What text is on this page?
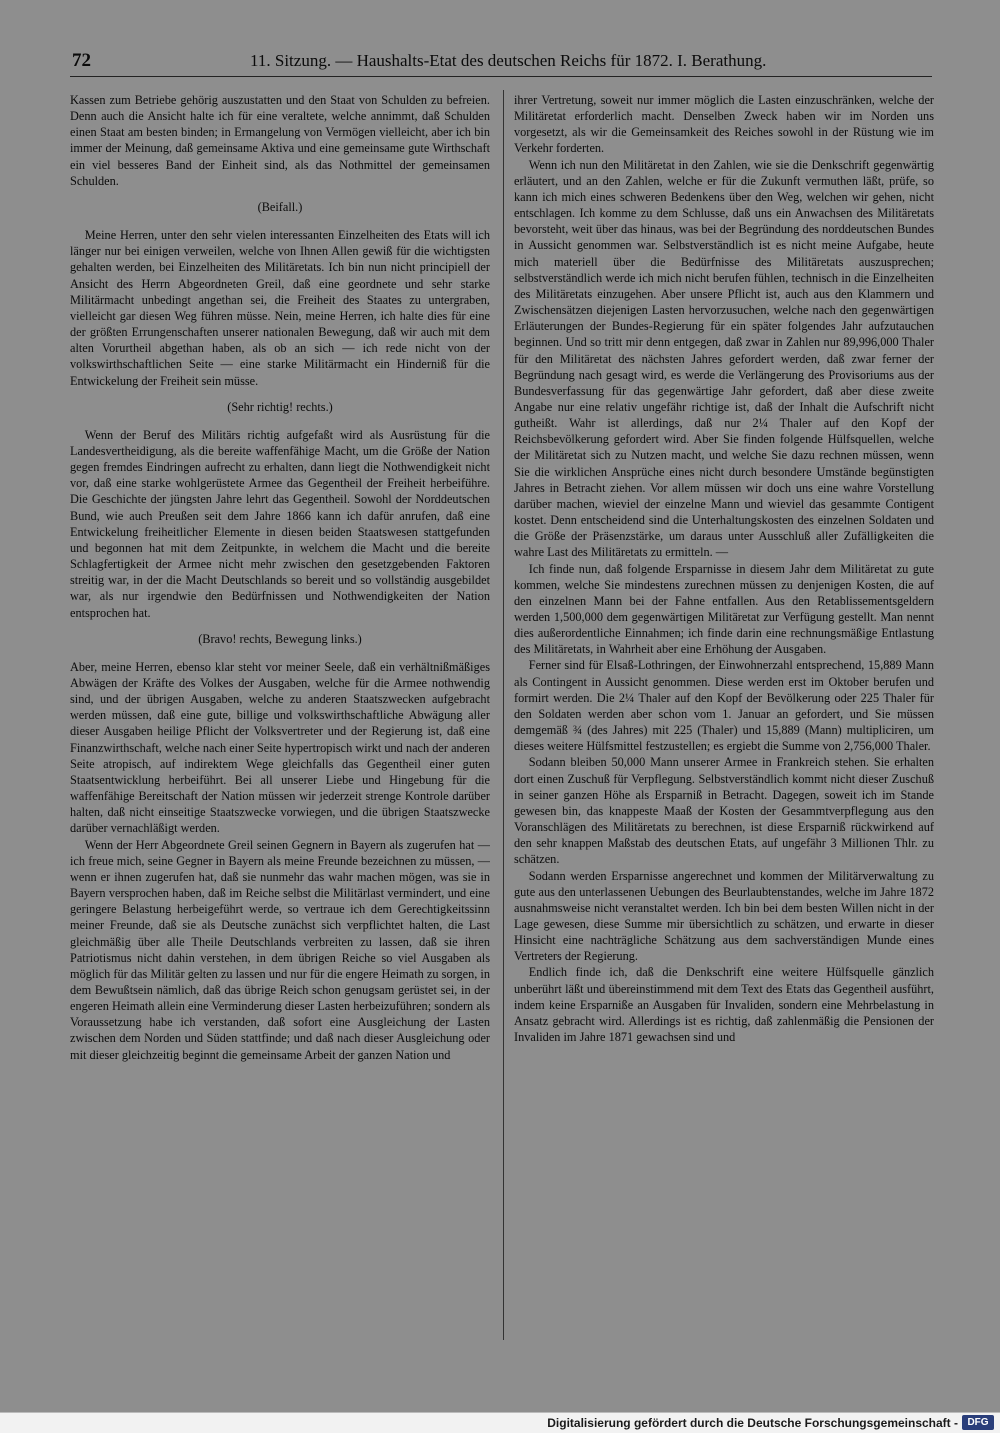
72	11. Sitzung. — Haushalts-Etat des deutschen Reichs für 1872. I. Berathung.

Kassen zum Betriebe gehörig auszustatten und den Staat von Schulden zu befreien. Denn auch die Ansicht halte ich für eine veraltete, welche annimmt, daß Schulden einen Staat am besten binden; in Ermangelung von Vermögen vielleicht, aber ich bin immer der Meinung, daß gemeinsame Aktiva und eine gemeinsame gute Wirthschaft ein viel besseres Band der Einheit sind, als das Nothmittel der gemeinsamen Schulden.

(Beifall.)

Meine Herren, unter den sehr vielen interessanten Einzelheiten des Etats will ich länger nur bei einigen verweilen, welche von Ihnen Allen gewiß für die wichtigsten gehalten werden, bei Einzelheiten des Militäretats. Ich bin nun nicht principiell der Ansicht des Herrn Abgeordneten Greil, daß eine geordnete und sehr starke Militärmacht unbedingt angethan sei, die Freiheit des Staates zu untergraben, vielleicht gar diesen Weg führen müsse. Nein, meine Herren, ich halte dies für eine der größten Errungenschaften unserer nationalen Bewegung, daß wir auch mit dem alten Vorurtheil abgethan haben, als ob an sich — ich rede nicht von der volkswirthschaftlichen Seite — eine starke Militärmacht ein Hinderniß für die Entwickelung der Freiheit sein müsse.

(Sehr richtig! rechts.)

Wenn der Beruf des Militärs richtig aufgefaßt wird als Ausrüstung für die Landesvertheidigung, als die bereite waffenfähige Macht, um die Größe der Nation gegen fremdes Eindringen aufrecht zu erhalten, dann liegt die Nothwendigkeit nicht vor, daß eine starke wohlgerüstete Armee das Gegentheil der Freiheit herbeiführe. Die Geschichte der jüngsten Jahre lehrt das Gegentheil. Sowohl der Norddeutschen Bund, wie auch Preußen seit dem Jahre 1866 kann ich dafür anrufen, daß eine Entwickelung freiheitlicher Elemente in diesen beiden Staatswesen stattgefunden und begonnen hat mit dem Zeitpunkte, in welchem die Macht und die bereite Schlagfertigkeit der Armee nicht mehr zwischen den gesetzgebenden Faktoren streitig war, in der die Macht Deutschlands so bereit und so vollständig ausgebildet war, als nur irgendwie den Bedürfnissen und Nothwendigkeiten der Nation entsprochen hat.

(Bravo! rechts, Bewegung links.)

Aber, meine Herren, ebenso klar steht vor meiner Seele, daß ein verhältnißmäßiges Abwägen der Kräfte des Volkes der Ausgaben, welche für die Armee nothwendig sind, und der übrigen Ausgaben, welche zu anderen Staatszwecken aufgebracht werden müssen, daß eine gute, billige und volkswirthschaftliche Abwägung aller dieser Ausgaben heilige Pflicht der Volksvertreter und der Regierung ist, daß eine Finanzwirthschaft, welche nach einer Seite hypertropisch wirkt und nach der anderen Seite atropisch, auf indirektem Wege gleichfalls das Gegentheil einer guten Staatsentwicklung herbeiführt. Bei all unserer Liebe und Hingebung für die waffenfähige Bereitschaft der Nation müssen wir jederzeit strenge Kontrole darüber halten, daß nicht einseitige Staatszwecke vorwiegen, und die übrigen Staatszwecke darüber vernachläßigt werden.

Wenn der Herr Abgeordnete Greil seinen Gegnern in Bayern als zugerufen hat — ich freue mich, seine Gegner in Bayern als meine Freunde bezeichnen zu müssen, — wenn er ihnen zugerufen hat, daß sie nunmehr das wahr machen mögen, was sie in Bayern versprochen haben, daß im Reiche selbst die Militärlast vermindert, und eine geringere Belastung herbeigeführt werde, so vertraue ich dem Gerechtigkeitssinn meiner Freunde, daß sie als Deutsche zunächst sich verpflichtet halten, die Last gleichmäßig über alle Theile Deutschlands verbreiten zu lassen, daß sie ihren Patriotismus nicht dahin verstehen, in dem übrigen Reiche so viel Ausgaben als möglich für das Militär gelten zu lassen und nur für die engere Heimath zu sorgen, in dem Bewußtsein nämlich, daß das übrige Reich schon genugsam gerüstet sei, in der engeren Heimath allein eine Verminderung dieser Lasten herbeizuführen; sondern als Voraussetzung habe ich verstanden, daß sofort eine Ausgleichung der Lasten zwischen dem Norden und Süden stattfinde; und daß nach dieser Ausgleichung oder mit dieser gleichzeitig beginnt die gemeinsame Arbeit der ganzen Nation und

ihrer Vertretung, soweit nur immer möglich die Lasten einzuschränken, welche der Militäretat erforderlich macht. Denselben Zweck haben wir im Norden uns vorgesetzt, als wir die Gemeinsamkeit des Reiches sowohl in der Rüstung wie im Verkehr forderten.

Wenn ich nun den Militäretat in den Zahlen, wie sie die Denkschrift gegenwärtig erläutert, und an den Zahlen, welche er für die Zukunft vermuthen läßt, prüfe, so kann ich mich eines schweren Bedenkens über den Weg, welchen wir gehen, nicht entschlagen. Ich komme zu dem Schlusse, daß uns ein Anwachsen des Militäretats bevorsteht, weit über das hinaus, was bei der Begründung des norddeutschen Bundes in Aussicht genommen war. Selbstverständlich ist es nicht meine Aufgabe, heute mich materiell über die Bedürfnisse des Militäretats auszusprechen; selbstverständlich werde ich mich nicht berufen fühlen, technisch in die Einzelheiten des Militäretats einzugehen. Aber unsere Pflicht ist, auch aus den Klammern und Zwischensätzen diejenigen Lasten hervorzusuchen, welche nach den gegenwärtigen Erläuterungen der Bundes-Regierung für ein später folgendes Jahr aufzutauchen beginnen. Und so tritt mir denn entgegen, daß zwar in Zahlen nur 89,996,000 Thaler für den Militäretat des nächsten Jahres gefordert werden, daß zwar ferner der Begründung nach gesagt wird, es werde die Verlängerung des Provisoriums aus der Bundesverfassung für das gegenwärtige Jahr gefordert, daß aber diese zweite Angabe nur eine relativ ungefähr richtige ist, daß der Inhalt die Aufschrift nicht gutheißt. Wahr ist allerdings, daß nur 2¼ Thaler auf den Kopf der Reichsbevölkerung gefordert wird. Aber Sie finden folgende Hülfsquellen, welche der Militäretat sich zu Nutzen macht, und welche Sie dazu rechnen müssen, wenn Sie die wirklichen Ansprüche eines nicht durch besondere Umstände begünstigten Jahres in Betracht ziehen. Vor allem müssen wir doch uns eine wahre Vorstellung darüber machen, wieviel der einzelne Mann und wieviel das gesammte Contigent kostet. Denn entscheidend sind die Unterhaltungskosten des einzelnen Soldaten und die Größe der Präsenzstärke, um daraus unter Ausschluß aller Zufälligkeiten die wahre Last des Militäretats zu ermitteln. —

Ich finde nun, daß folgende Ersparnisse in diesem Jahr dem Militäretat zu gute kommen, welche Sie mindestens zurechnen müssen zu denjenigen Kosten, die auf den einzelnen Mann bei der Fahne entfallen. Aus den Retablissementsgeldern werden 1,500,000 dem gegenwärtigen Militäretat zur Verfügung gestellt. Man nennt dies außerordentliche Einnahmen; ich finde darin eine rechnungsmäßige Entlastung des Militäretats, in Wahrheit aber eine Erhöhung der Ausgaben.

Ferner sind für Elsaß-Lothringen, der Einwohnerzahl entsprechend, 15,889 Mann als Contingent in Aussicht genommen. Diese werden erst im Oktober berufen und formirt werden. Die 2¼ Thaler auf den Kopf der Bevölkerung oder 225 Thaler für den Soldaten werden aber schon vom 1. Januar an gefordert, und Sie müssen demgemäß ¾ (des Jahres) mit 225 (Thaler) und 15,889 (Mann) multipliciren, um dieses weitere Hülfsmittel festzustellen; es ergiebt die Summe von 2,756,000 Thaler.

Sodann bleiben 50,000 Mann unserer Armee in Frankreich stehen. Sie erhalten dort einen Zuschuß für Verpflegung. Selbstverständlich kommt nicht dieser Zuschuß in seiner ganzen Höhe als Ersparniß in Betracht. Dagegen, soweit ich im Stande gewesen bin, das knappeste Maaß der Kosten der Gesammtverpflegung aus den Voranschlägen des Militäretats zu berechnen, ist diese Ersparniß rückwirkend auf den sehr knappen Maßstab des deutschen Etats, auf ungefähr 3 Millionen Thlr. zu schätzen.

Sodann werden Ersparnisse angerechnet und kommen der Militärverwaltung zu gute aus den unterlassenen Uebungen des Beurlaubtenstandes, welche im Jahre 1872 ausnahmsweise nicht veranstaltet werden. Ich bin bei dem besten Willen nicht in der Lage gewesen, diese Summe mir übersichtlich zu schätzen, und erwarte in dieser Hinsicht eine nachträgliche Schätzung aus dem sachverständigen Munde eines Vertreters der Regierung.

Endlich finde ich, daß die Denkschrift eine weitere Hülfsquelle gänzlich unberührt läßt und übereinstimmend mit dem Text des Etats das Gegentheil ausführt, indem keine Ersparniße an Ausgaben für Invaliden, sondern eine Mehrbelastung in Ansatz gebracht wird. Allerdings ist es richtig, daß zahlenmäßig die Pensionen der Invaliden im Jahre 1871 gewachsen sind und

Digitalisierung gefördert durch die Deutsche Forschungsgemeinschaft - DFG
